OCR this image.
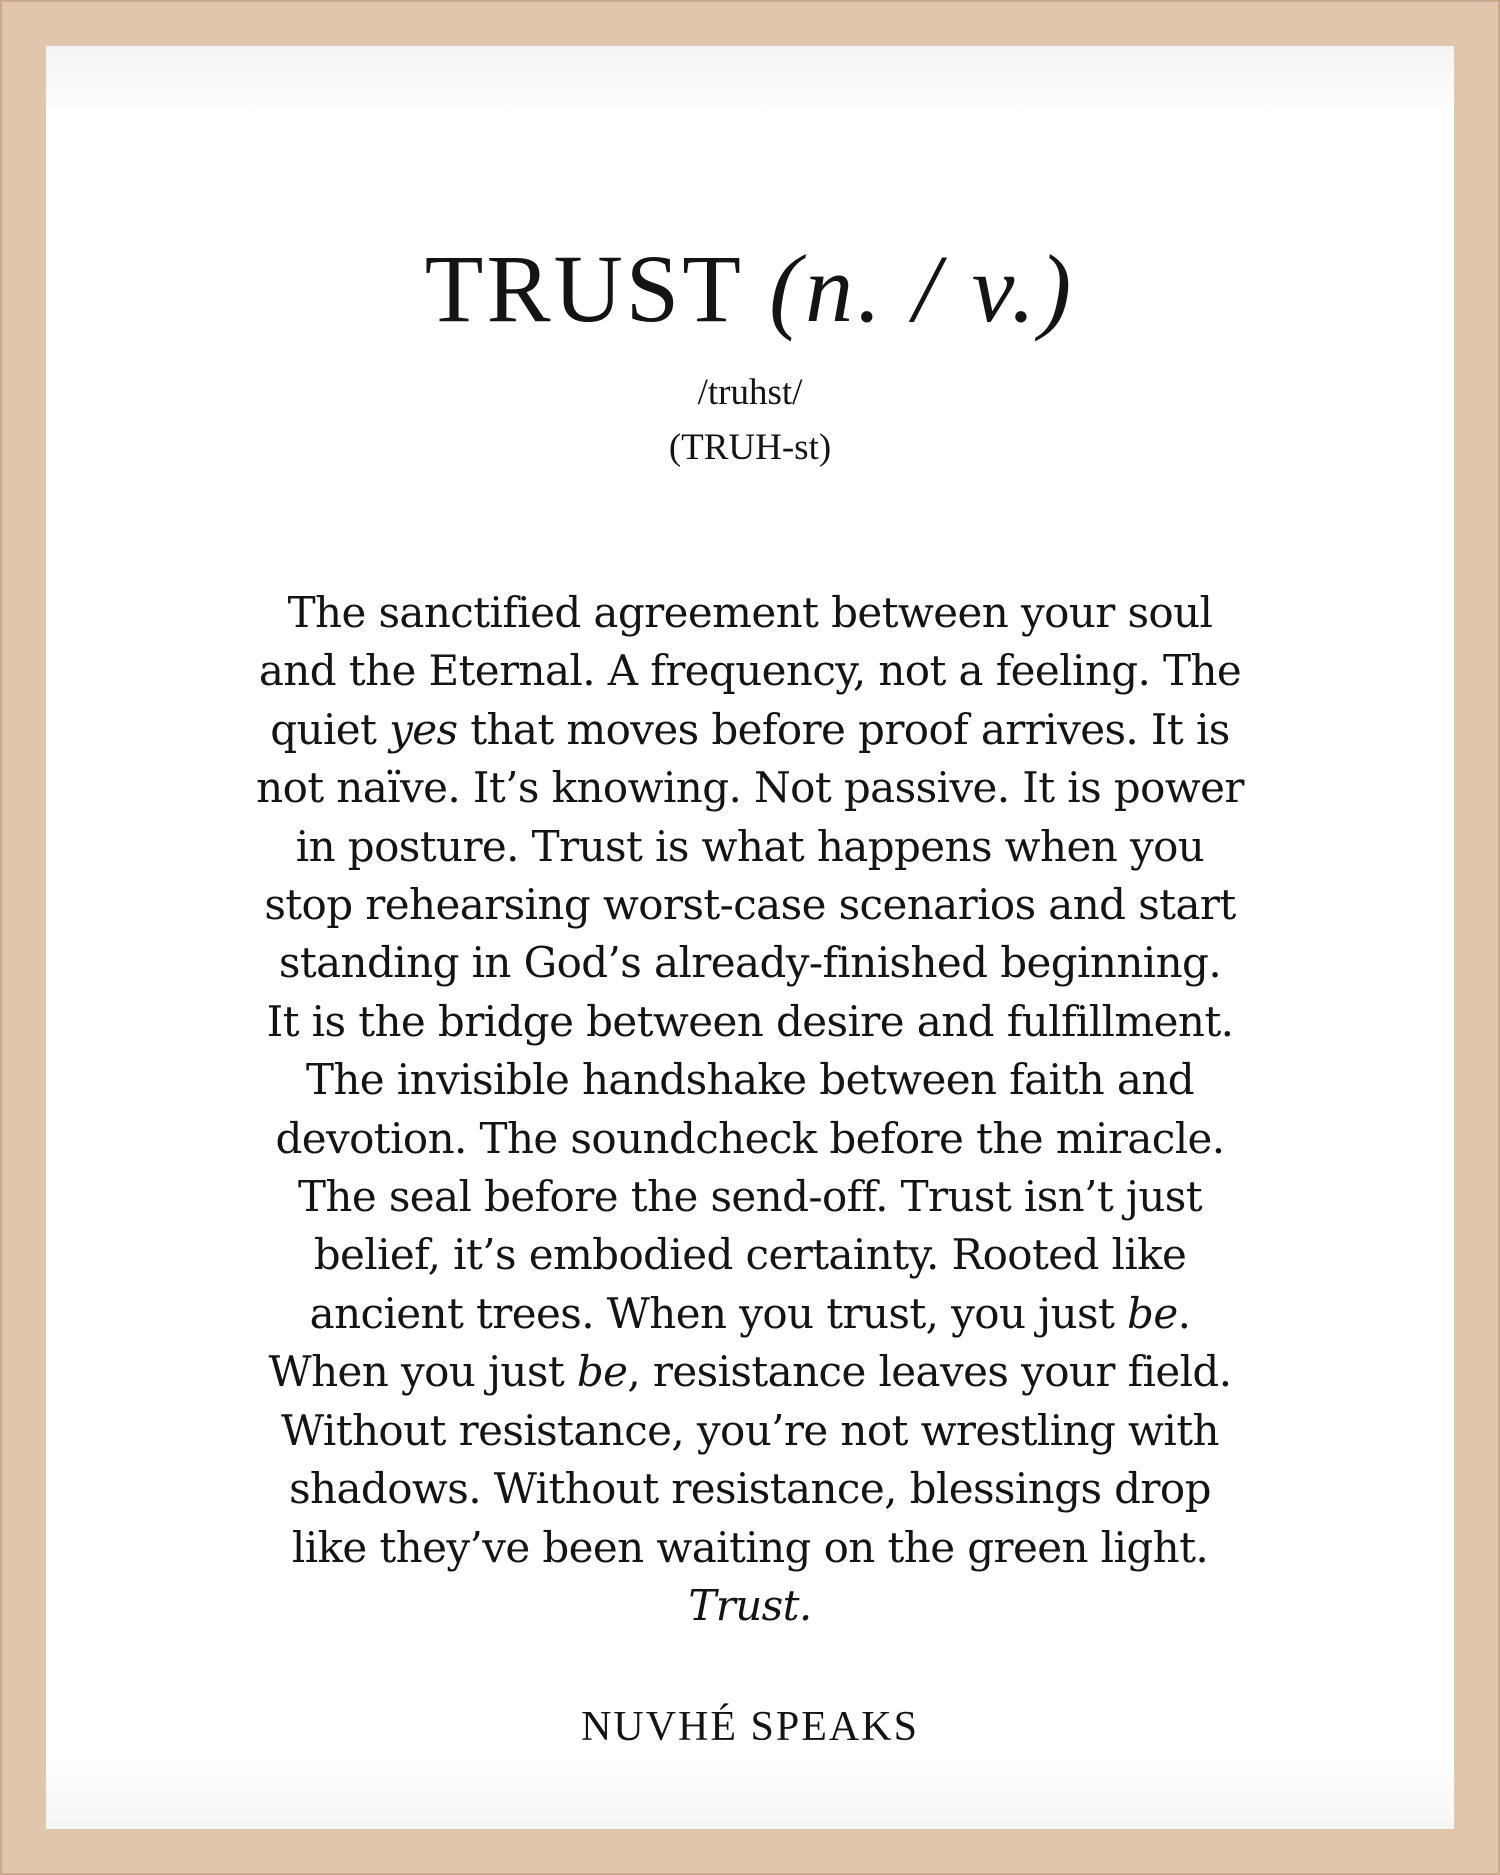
TRUST (n. / v.)
/truhst/
(TRUH-st)

The sanctified agreement between your soul
and the Eternal. A frequency, not a feeling. The
quiet yes that moves before proof arrives. It is
not naïve. It’s knowing. Not passive. It is power
in posture. Trust is what happens when you
stop rehearsing worst-case scenarios and start
standing in God’s already-finished beginning.
It is the bridge between desire and fulfillment.
The invisible handshake between faith and
devotion. The soundcheck before the miracle.
The seal before the send-off. Trust isn’t just
belief, it’s embodied certainty. Rooted like
ancient trees. When you trust, you just be.
When you just be, resistance leaves your field.
Without resistance, you’re not wrestling with
shadows. Without resistance, blessings drop
like they’ve been waiting on the green light.
Trust.

NUVHÉ SPEAKS
